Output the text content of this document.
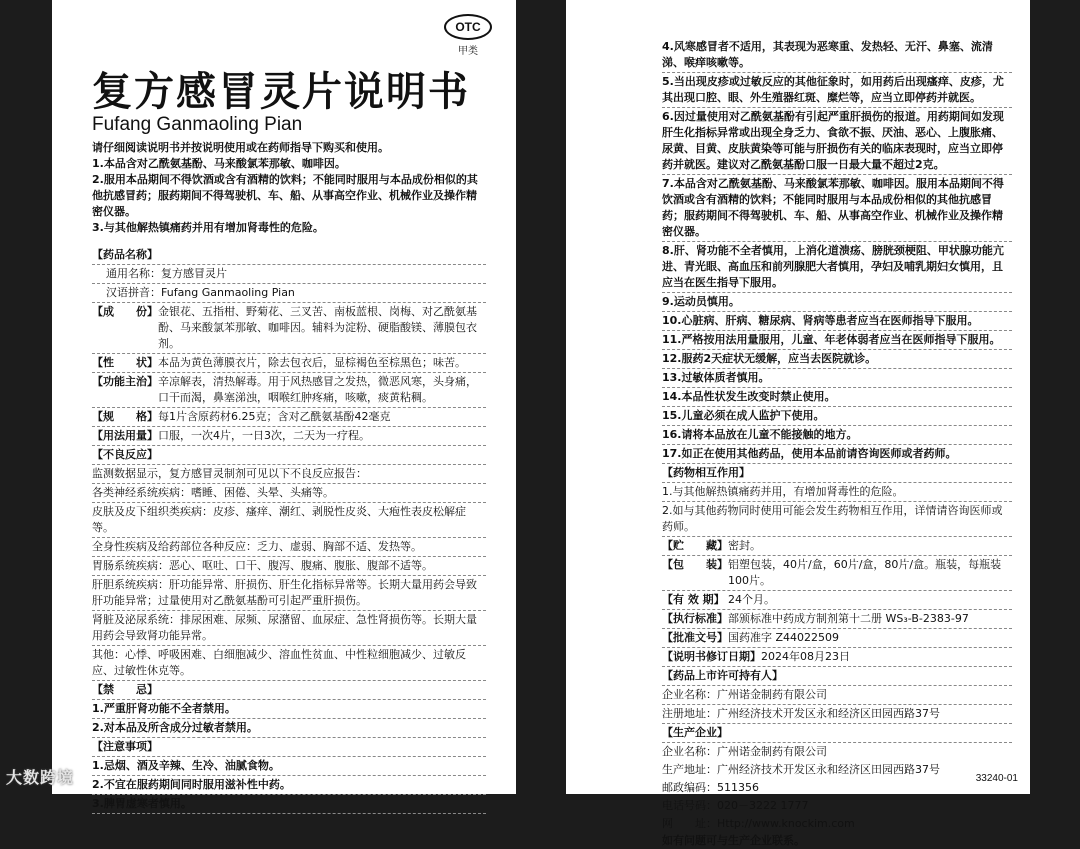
OTC
甲类
复方感冒灵片说明书
Fufang Ganmaoling Pian
请仔细阅读说明书并按说明使用或在药师指导下购买和使用。
1.本品含对乙酰氨基酚、马来酸氯苯那敏、咖啡因。
2.服用本品期间不得饮酒或含有酒精的饮料；不能同时服用与本品成份相似的其他抗感冒药；服药期间不得驾驶机、车、船、从事高空作业、机械作业及操作精密仪器。
3.与其他解热镇痛药并用有增加肾毒性的危险。
【药品名称】
通用名称： 复方感冒灵片
汉语拼音： Fufang Ganmaoling Pian
【成　　份】 金银花、五指柑、野菊花、三叉苦、南板蓝根、岗梅、对乙酰氨基酚、马来酸氯苯那敏、咖啡因。辅料为淀粉、硬脂酸镁、薄膜包衣剂。
【性　　状】 本品为黄色薄膜衣片，除去包衣后，显棕褐色至棕黑色；味苦。
【功能主治】 辛凉解表，清热解毒。用于风热感冒之发热，微恶风寒，头身痛，口干而渴，鼻塞涕浊，咽喉红肿疼痛，咳嗽，痰黄粘稠。
【规　　格】 每1片含原药材6.25克；含对乙酰氨基酚42毫克
【用法用量】 口服，一次4片，一日3次，二天为一疗程。
【不良反应】
监测数据显示，复方感冒灵制剂可见以下不良反应报告：
各类神经系统疾病：嗜睡、困倦、头晕、头痛等。
皮肤及皮下组织类疾病：皮疹、瘙痒、潮红、剥脱性皮炎、大疱性表皮松解症等。
全身性疾病及给药部位各种反应：乏力、虚弱、胸部不适、发热等。
胃肠系统疾病：恶心、呕吐、口干、腹泻、腹痛、腹胀、腹部不适等。
肝胆系统疾病：肝功能异常、肝损伤、肝生化指标异常等。长期大量用药会导致肝功能异常；过量使用对乙酰氨基酚可引起严重肝损伤。
肾脏及泌尿系统：排尿困难、尿频、尿潴留、血尿症、急性肾损伤等。长期大量用药会导致肾功能异常。
其他：心悸、呼吸困难、白细胞减少、溶血性贫血、中性粒细胞减少、过敏反应、过敏性休克等。
【禁　　忌】
1.严重肝肾功能不全者禁用。
2.对本品及所含成分过敏者禁用。
【注意事项】
1.忌烟、酒及辛辣、生冷、油腻食物。
2.不宜在服药期间同时服用滋补性中药。
3.脾胃虚寒者慎用。
大数跨境
4.风寒感冒者不适用，其表现为恶寒重、发热轻、无汗、鼻塞、流清涕、喉痒咳嗽等。
5.当出现皮疹或过敏反应的其他征象时，如用药后出现瘙痒、皮疹，尤其出现口腔、眼、外生殖器红斑、糜烂等，应当立即停药并就医。
6.因过量使用对乙酰氨基酚有引起严重肝损伤的报道。用药期间如发现肝生化指标异常或出现全身乏力、食欲不振、厌油、恶心、上腹胀痛、尿黄、目黄、皮肤黄染等可能与肝损伤有关的临床表现时，应当立即停药并就医。建议对乙酰氨基酚口服一日最大量不超过2克。
7.本品含对乙酰氨基酚、马来酸氯苯那敏、咖啡因。服用本品期间不得饮酒或含有酒精的饮料；不能同时服用与本品成份相似的其他抗感冒药；服药期间不得驾驶机、车、船、从事高空作业、机械作业及操作精密仪器。
8.肝、肾功能不全者慎用，上消化道溃疡、膀胱颈梗阻、甲状腺功能亢进、青光眼、高血压和前列腺肥大者慎用，孕妇及哺乳期妇女慎用，且应当在医生指导下服用。
9.运动员慎用。
10.心脏病、肝病、糖尿病、肾病等患者应当在医师指导下服用。
11.严格按用法用量服用，儿童、年老体弱者应当在医师指导下服用。
12.服药2天症状无缓解，应当去医院就诊。
13.过敏体质者慎用。
14.本品性状发生改变时禁止使用。
15.儿童必须在成人监护下使用。
16.请将本品放在儿童不能接触的地方。
17.如正在使用其他药品，使用本品前请咨询医师或者药师。
【药物相互作用】
1.与其他解热镇痛药并用，有增加肾毒性的危险。
2.如与其他药物同时使用可能会发生药物相互作用，详情请咨询医师或药师。
【贮　　藏】 密封。
【包　　装】 铝塑包装，40片/盒，60片/盒，80片/盒。瓶装，每瓶装100片。
【有 效 期】 24个月。
【执行标准】 部颁标准中药成方制剂第十二册 WS₃-B-2383-97
【批准文号】 国药准字 Z44022509
【说明书修订日期】 2024年08月23日
【药品上市许可持有人】
企业名称： 广州诺金制药有限公司
注册地址： 广州经济技术开发区永和经济区田园西路37号
【生产企业】
企业名称： 广州诺金制药有限公司
生产地址： 广州经济技术开发区永和经济区田园西路37号
邮政编码： 511356
电话号码： 020－3222 1777
网　　址： Http://www.knockim.com
如有问题可与生产企业联系。
33240-01
